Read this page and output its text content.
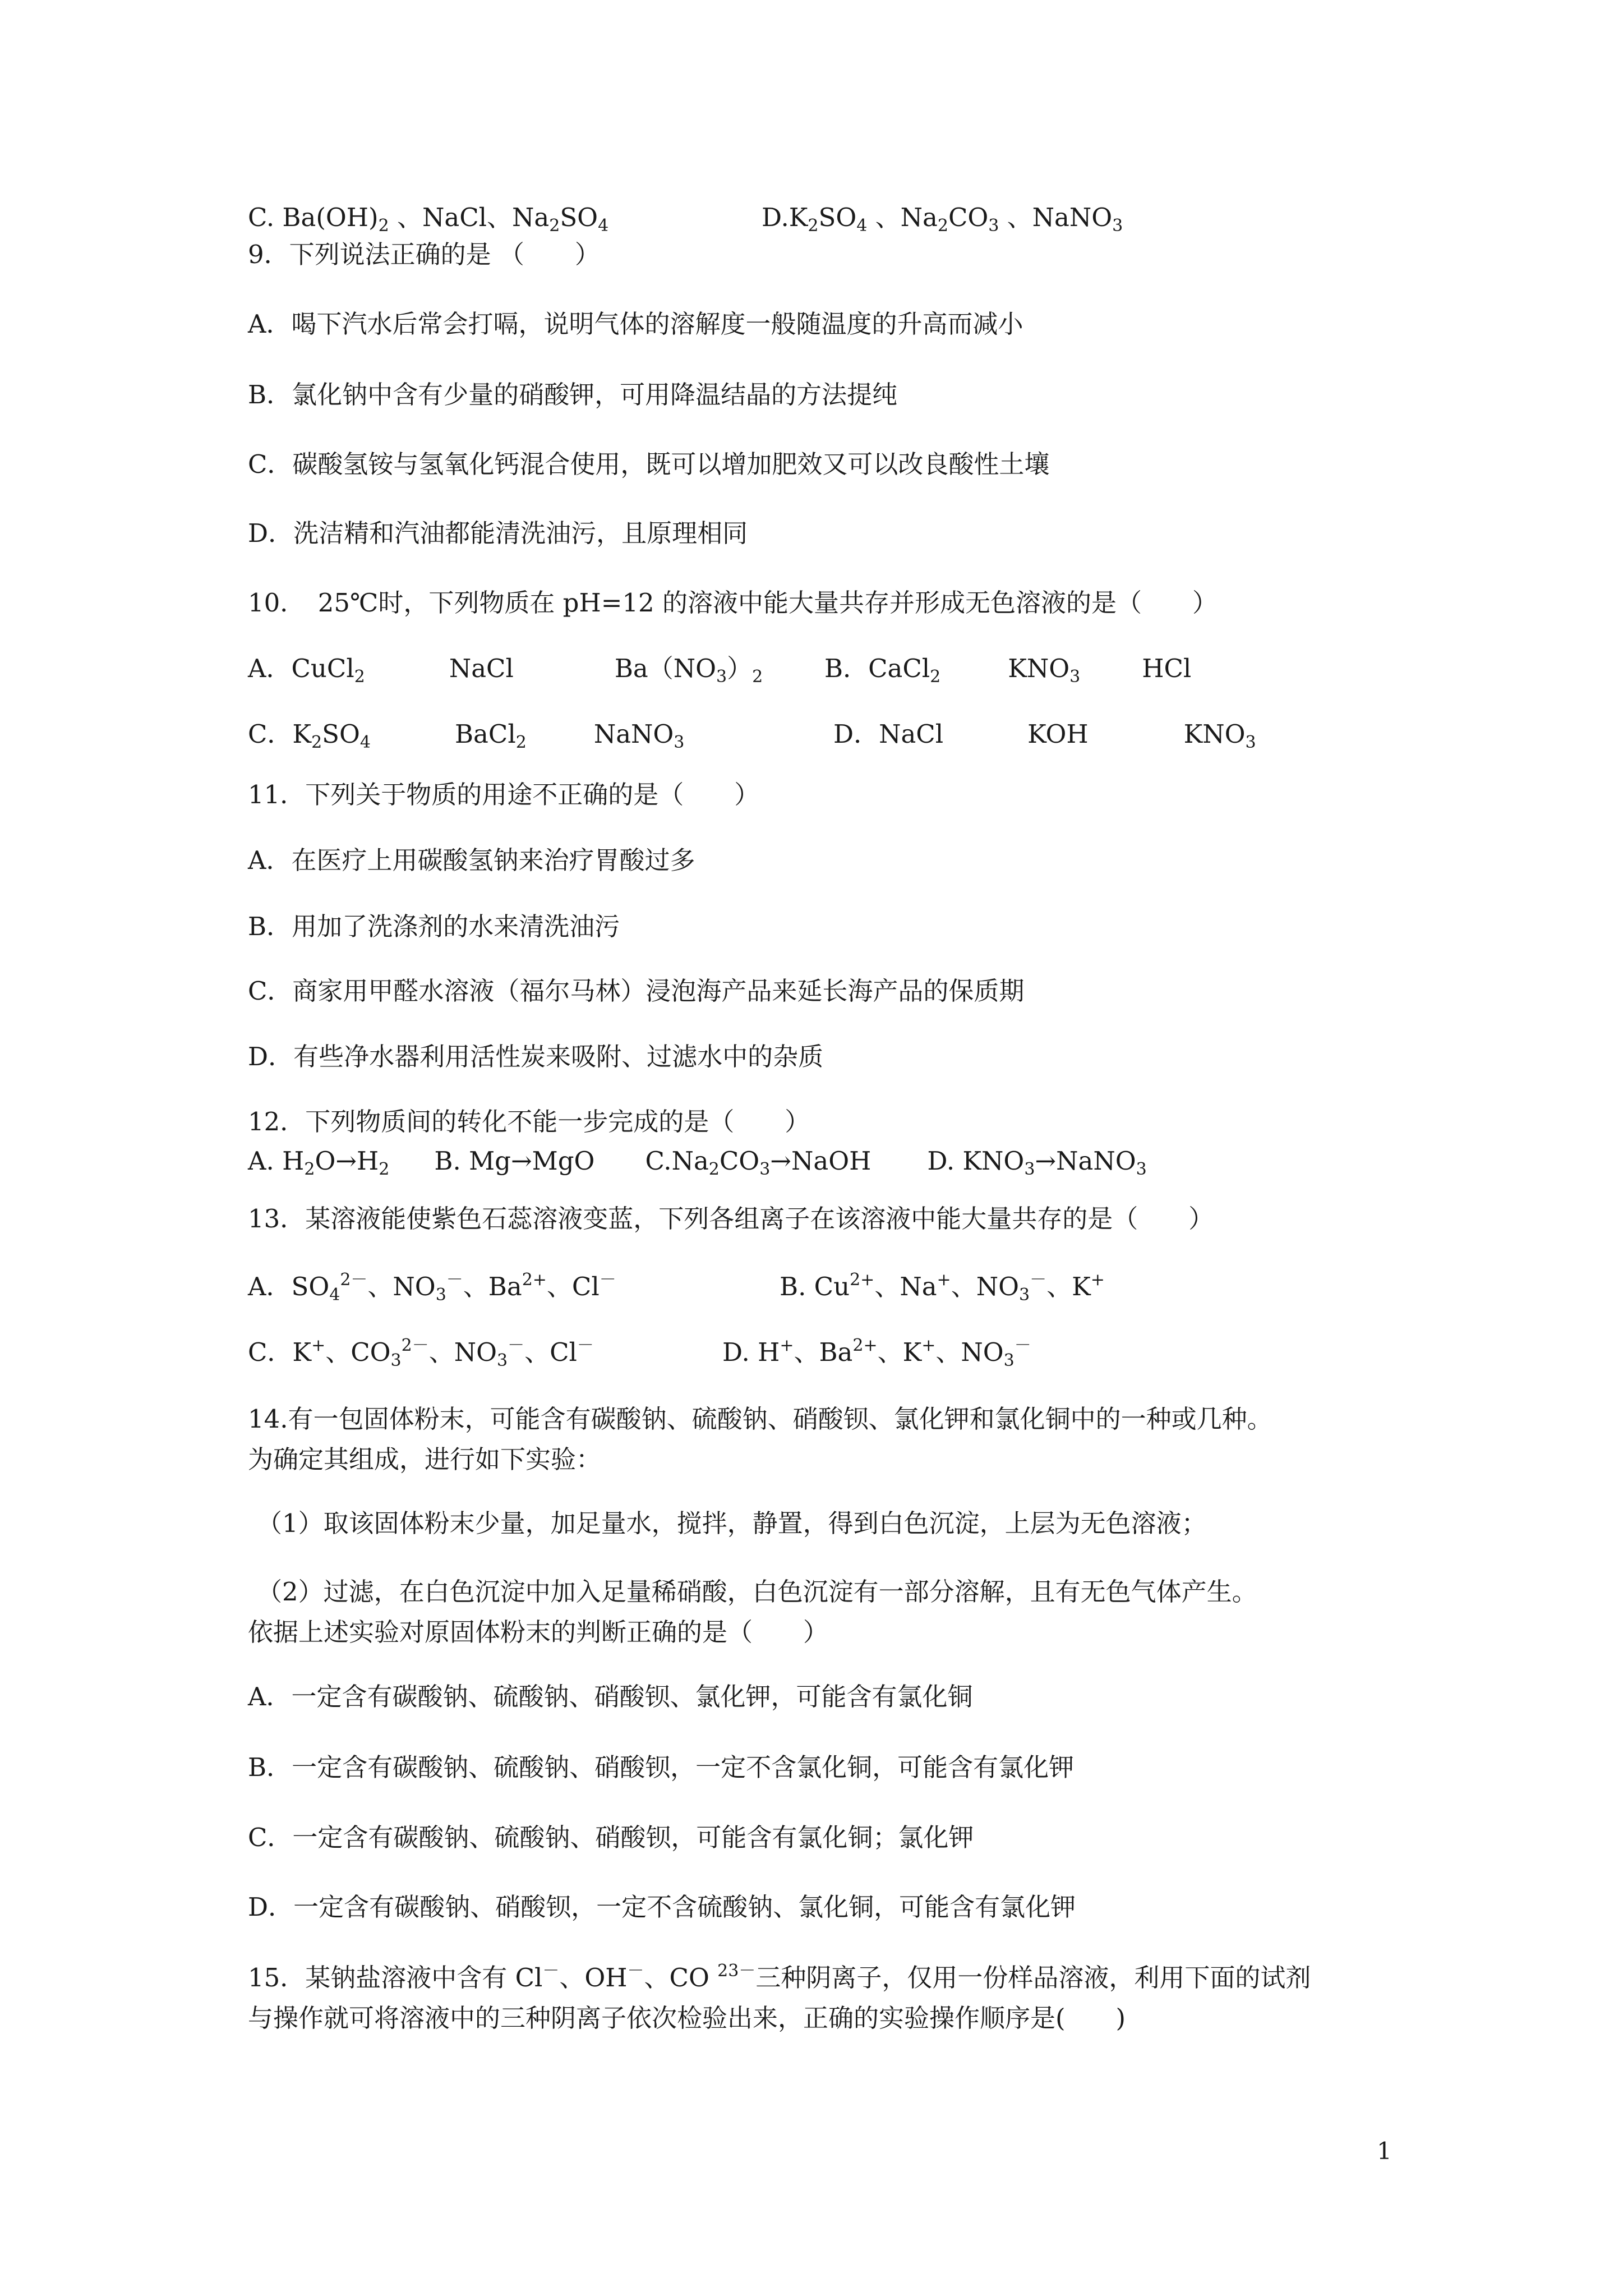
C. $Ba(OH)_2$ 、NaCl、$Na_2SO_4$	$D.K_2SO_4$ 、$Na_2CO_3$ 、NaNO$_3$
9．下列说法正确的是 （　　）
A．喝下汽水后常会打嗝，说明气体的溶解度一般随温度的升高而减小
B．氯化钠中含有少量的硝酸钾，可用降温结晶的方法提纯
C．碳酸氢铵与氢氧化钙混合使用，既可以增加肥效又可以改良酸性土壤
D．洗洁精和汽油都能清洗油污，且原理相同
10．　25℃时，下列物质在 pH=12 的溶液中能大量共存并形成无色溶液的是（　　）
A．CuCl$_2$	NaCl	$Ba(NO_3)_2$ B．CaCl$_2$	$KNO_3$ HCl
C．$K_2SO_4$	BaCl$_2$	NaNO$_3$	D．NaCl	KOH	$KNO_3$
11．下列关于物质的用途不正确的是（　　）
A．在医疗上用碳酸氢钠来治疗胃酸过多
B．用加了洗涤剂的水来清洗油污
C．商家用甲醛水溶液（福尔马林）浸泡海产品来延长海产品的保质期
D．有些净水器利用活性炭来吸附、过滤水中的杂质
12．下列物质间的转化不能一步完成的是（　　）
A. $H_2O\to H_2$ B. Mg→MgO $C.Na_2CO_3\to NaOH$ D. $KNO_3\to NaNO_3$
13．某溶液能使紫色石蕊溶液变蓝，下列各组离子在该溶液中能大量共存的是（　　）
A．$SO_4^{2-}$、$NO_3^-$、$Ba^{2+}$、Cl－	B. $Cu^{2+}$、Na+、$NO_3^-$、K+
C．K+、$CO_3^{2-}$、$NO_3^-$、Cl－	D. H+、$Ba^{2+}$、K+、$NO_3^-$
14.有一包固体粉末，可能含有碳酸钠、硫酸钠、硝酸钡、氯化钾和氯化铜中的一种或几种。
为确定其组成，进行如下实验：
（1）取该固体粉末少量，加足量水，搅拌，静置，得到白色沉淀，上层为无色溶液；
（2）过滤，在白色沉淀中加入足量稀硝酸，白色沉淀有一部分溶解，且有无色气体产生。
依据上述实验对原固体粉末的判断正确的是（　　）
A．一定含有碳酸钠、硫酸钠、硝酸钡、氯化钾，可能含有氯化铜
B．一定含有碳酸钠、硫酸钠、硝酸钡，一定不含氯化铜，可能含有氯化钾
C．一定含有碳酸钠、硫酸钠、硝酸钡，可能含有氯化铜；氯化钾
D．一定含有碳酸钠、硝酸钡，一定不含硫酸钠、氯化铜，可能含有氯化钾
15．某钠盐溶液中含有 Cl－、OH－、CO $^{23-}$三种阴离子，仅用一份样品溶液，利用下面的试剂
与操作就可将溶液中的三种阴离子依次检验出来，正确的实验操作顺序是(　　)
1
